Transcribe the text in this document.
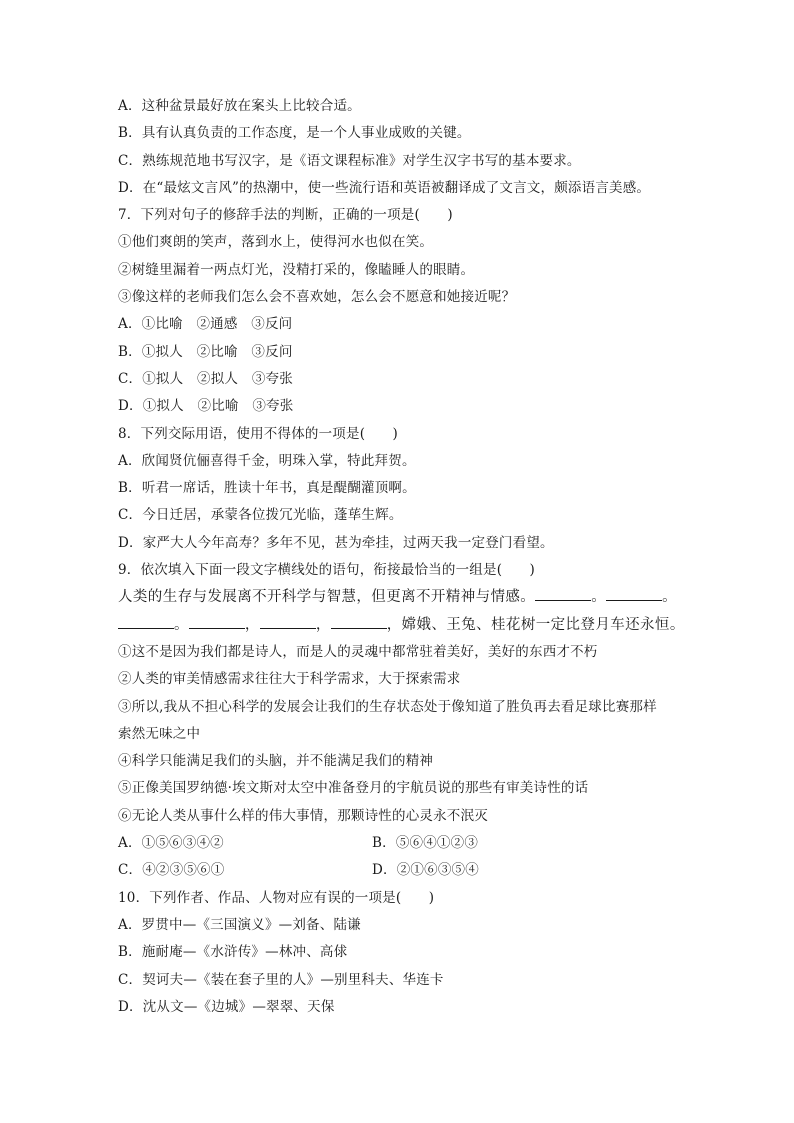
A．这种盆景最好放在案头上比较合适。
B．具有认真负责的工作态度，是一个人事业成败的关键。
C．熟练规范地书写汉字，是《语文课程标准》对学生汉字书写的基本要求。
D．在“最炫文言风”的热潮中，使一些流行语和英语被翻译成了文言文，颇添语言美感。
7．下列对句子的修辞手法的判断，正确的一项是(　　)
①他们爽朗的笑声，落到水上，使得河水也似在笑。
②树缝里漏着一两点灯光，没精打采的，像瞌睡人的眼睛。
③像这样的老师我们怎么会不喜欢她，怎么会不愿意和她接近呢？
A．①比喻　②通感　③反问
B．①拟人　②比喻　③反问
C．①拟人　②拟人　③夸张
D．①拟人　②比喻　③夸张
8．下列交际用语，使用不得体的一项是(　　)
A．欣闻贤伉俪喜得千金，明珠入掌，特此拜贺。
B．听君一席话，胜读十年书，真是醍醐灌顶啊。
C．今日迁居，承蒙各位拨冗光临，蓬荜生辉。
D．家严大人今年高寿？多年不见，甚为牵挂，过两天我一定登门看望。
9．依次填入下面一段文字横线处的语句，衔接最恰当的一组是(　　)
人类的生存与发展离不开科学与智慧，但更离不开精神与情感。	。	。
。	，	，	，嫦娥、王兔、桂花树一定比登月车还永恒。
①这不是因为我们都是诗人，而是人的灵魂中都常驻着美好，美好的东西才不朽
②人类的审美情感需求往往大于科学需求，大于探索需求
③所以,我从不担心科学的发展会让我们的生存状态处于像知道了胜负再去看足球比赛那样
索然无味之中
④科学只能满足我们的头脑，并不能满足我们的精神
⑤正像美国罗纳德·埃文斯对太空中准备登月的宇航员说的那些有审美诗性的话
⑥无论人类从事什么样的伟大事情，那颗诗性的心灵永不泯灭
A．①⑤⑥③④②	B．⑤⑥④①②③
C．④②③⑤⑥①	D．②①⑥③⑤④
10．下列作者、作品、人物对应有误的一项是(　　)
A．罗贯中—《三国演义》—刘备、陆谦
B．施耐庵—《水浒传》—林冲、高俅
C．契诃夫—《装在套子里的人》—别里科夫、华连卡
D．沈从文—《边城》—翠翠、天保
